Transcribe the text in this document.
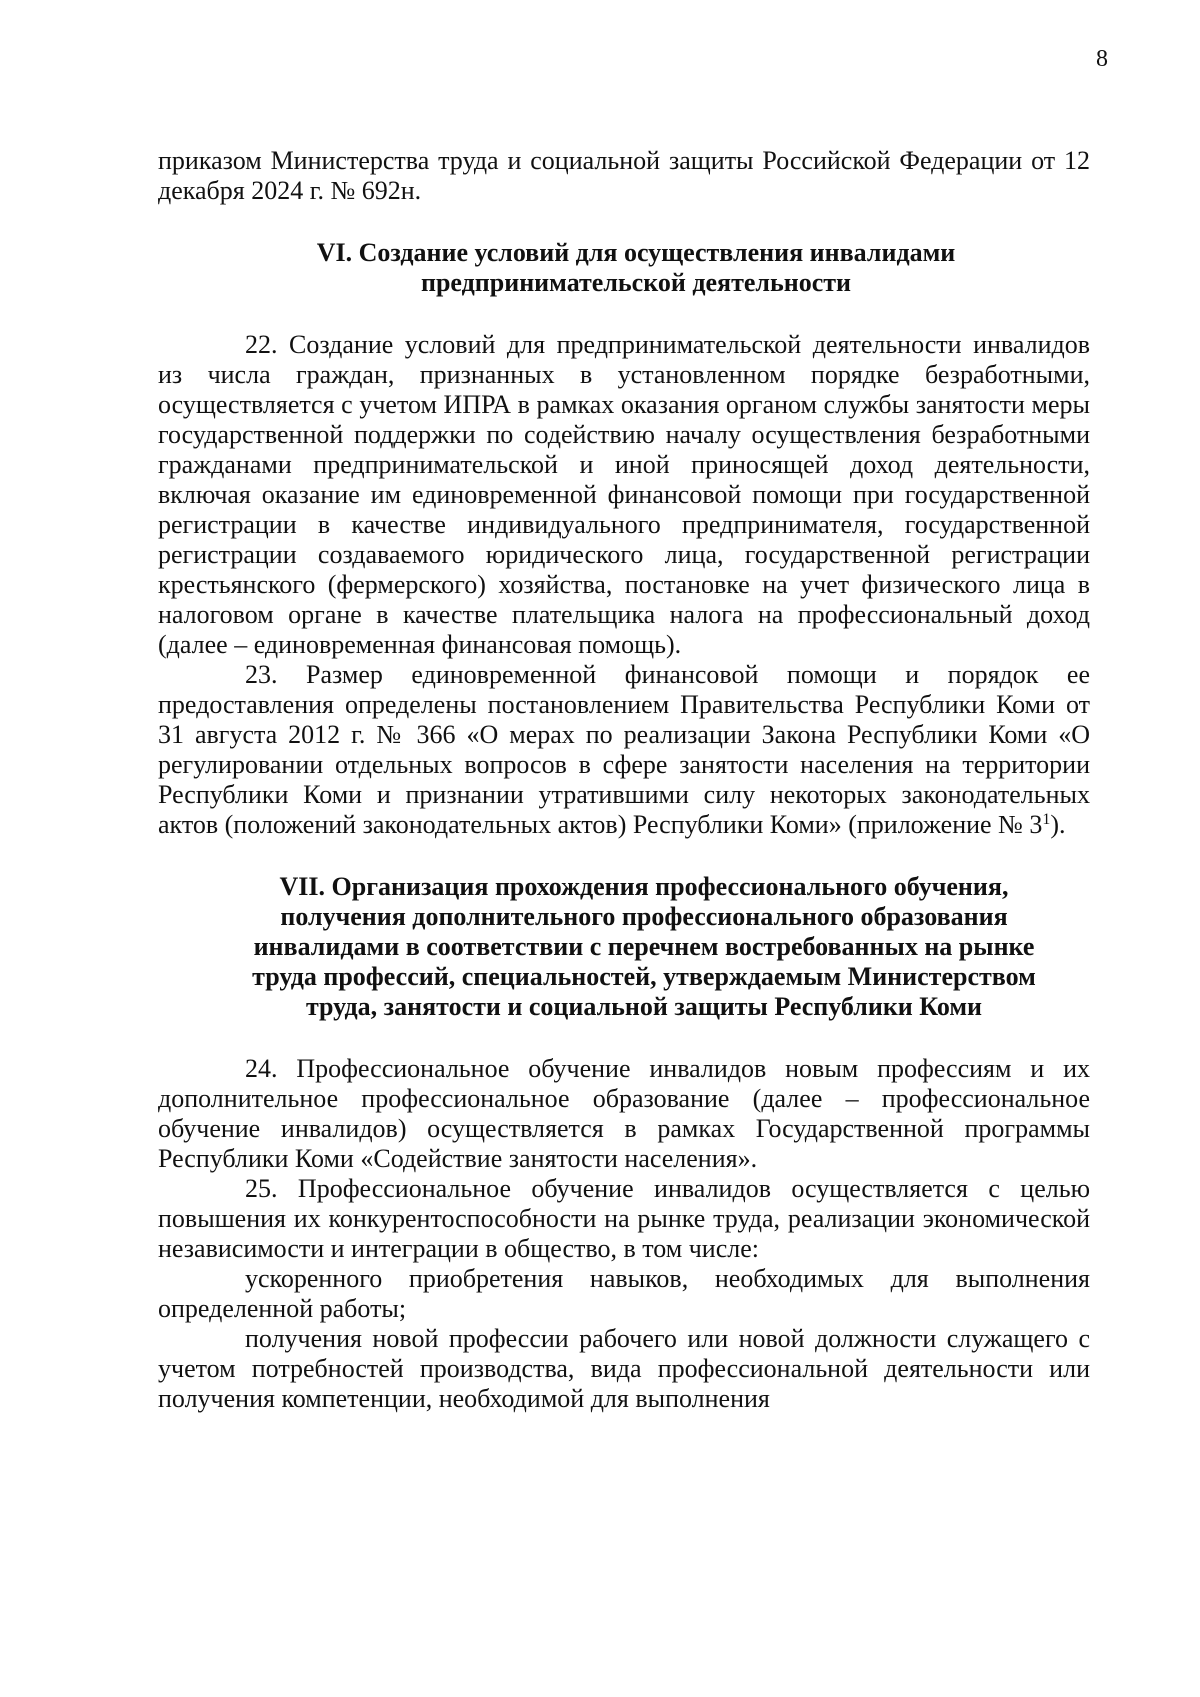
8

приказом Министерства труда и социальной защиты Российской Федерации от 12 декабря 2024 г. № 692н.

VI. Создание условий для осуществления инвалидами
предпринимательской деятельности

22. Создание условий для предпринимательской деятельности инвалидов из числа граждан, признанных в установленном порядке безработными, осуществляется с учетом ИПРА в рамках оказания органом службы занятости меры государственной поддержки по содействию началу осуществления безработными гражданами предпринимательской и иной приносящей доход деятельности, включая оказание им единовременной финансовой помощи при государственной регистрации в качестве индивидуального предпринимателя, государственной регистрации создаваемого юридического лица, государственной регистрации крестьянского (фермерского) хозяйства, постановке на учет физического лица в налоговом органе в качестве плательщика налога на профессиональный доход (далее – единовременная финансовая помощь).

23. Размер единовременной финансовой помощи и порядок ее предоставления определены постановлением Правительства Республики Коми от 31 августа 2012 г. № 366 «О мерах по реализации Закона Республики Коми «О регулировании отдельных вопросов в сфере занятости населения на территории Республики Коми и признании утратившими силу некоторых законодательных актов (положений законодательных актов) Республики Коми» (приложение № $3^1$).

VII. Организация прохождения профессионального обучения,
получения дополнительного профессионального образования
инвалидами в соответствии с перечнем востребованных на рынке
труда профессий, специальностей, утверждаемым Министерством
труда, занятости и социальной защиты Республики Коми

24. Профессиональное обучение инвалидов новым профессиям и их дополнительное профессиональное образование (далее – профессиональное обучение инвалидов) осуществляется в рамках Государственной программы Республики Коми «Содействие занятости населения».

25. Профессиональное обучение инвалидов осуществляется с целью повышения их конкурентоспособности на рынке труда, реализации экономической независимости и интеграции в общество, в том числе:

ускоренного приобретения навыков, необходимых для выполнения определенной работы;

получения новой профессии рабочего или новой должности служащего с учетом потребностей производства, вида профессиональной деятельности или получения компетенции, необходимой для выполнения
